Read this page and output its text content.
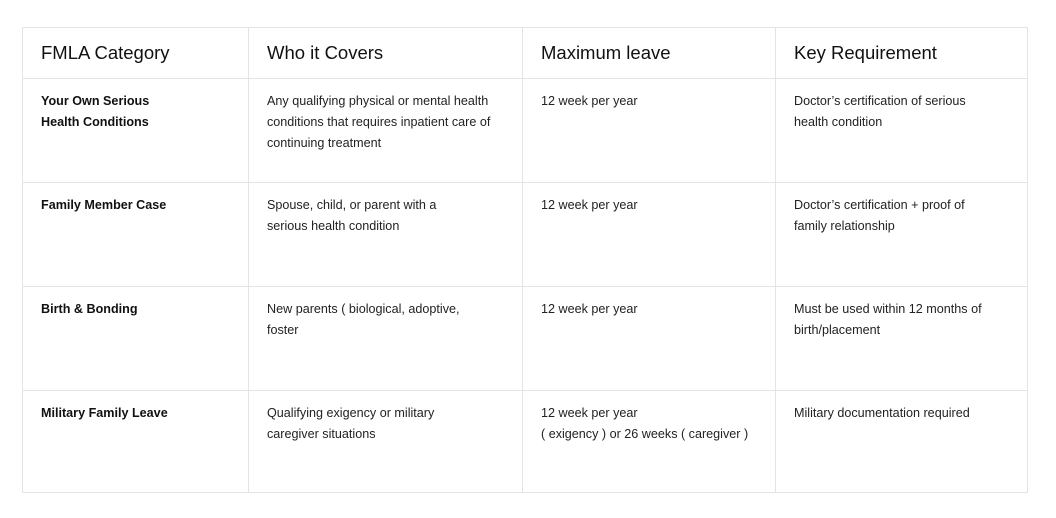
FMLA Category	Who it Covers	Maximum leave	Key Requirement

Your Own Serious
Health Conditions	Any qualifying physical or mental health
conditions that requires inpatient care of
continuing treatment	12 week per year	Doctor’s certification of serious
health condition

Family Member Case	Spouse, child, or parent with a
serious health condition	12 week per year	Doctor’s certification + proof of
family relationship

Birth & Bonding	New parents ( biological, adoptive,
foster	12 week per year	Must be used within 12 months of
birth/placement

Military Family Leave	Qualifying exigency or military
caregiver situations	12 week per year
( exigency ) or 26 weeks ( caregiver )	Military documentation required
